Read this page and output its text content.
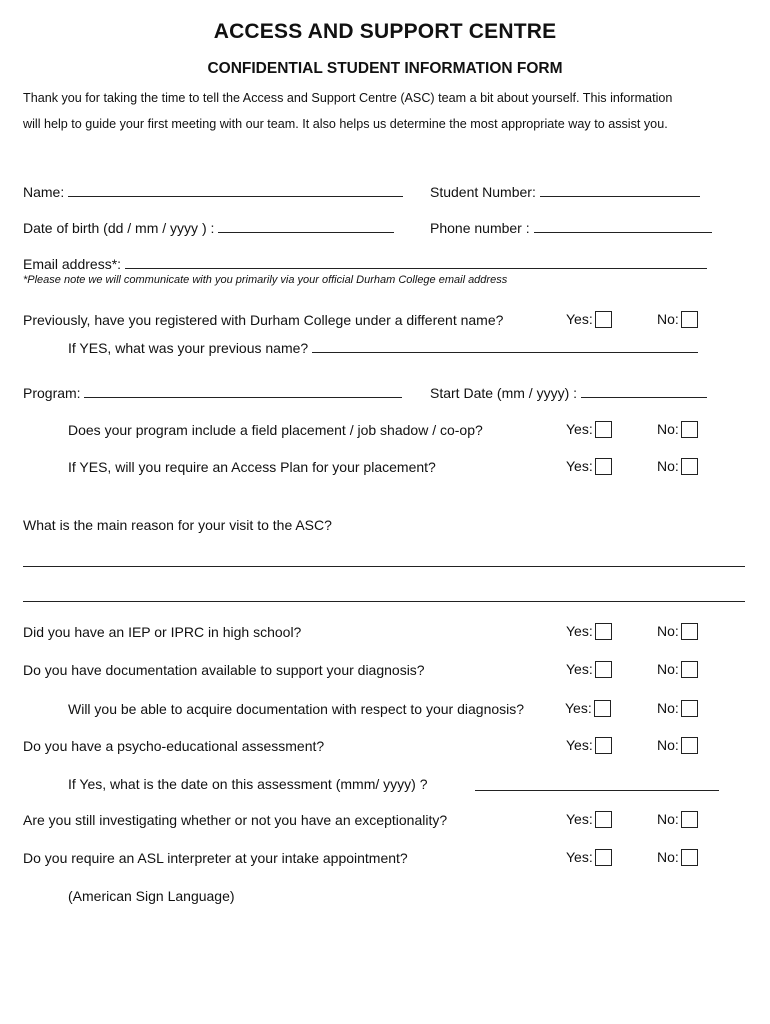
ACCESS AND SUPPORT CENTRE
CONFIDENTIAL STUDENT INFORMATION FORM
Thank you for taking the time to tell the Access and Support Centre (ASC) team a bit about yourself. This information
will help to guide your first meeting with our team. It also helps us determine the most appropriate way to assist you.
Name:	Student Number:
Date of birth (dd / mm / yyyy ) :	Phone number :
Email address*:
*Please note we will communicate with you primarily via your official Durham College email address
Previously, have you registered with Durham College under a different name?	Yes:	No:
If YES, what was your previous name?
Program:	Start Date (mm / yyyy) :
Does your program include a field placement / job shadow / co-op?	Yes:	No:
If YES, will you require an Access Plan for your placement?	Yes:	No:
What is the main reason for your visit to the ASC?
Did you have an IEP or IPRC in high school?	Yes:	No:
Do you have documentation available to support your diagnosis?	Yes:	No:
Will you be able to acquire documentation with respect to your diagnosis?	Yes:	No:
Do you have a psycho-educational assessment?	Yes:	No:
If Yes, what is the date on this assessment (mmm/ yyyy) ?
Are you still investigating whether or not you have an exceptionality?	Yes:	No:
Do you require an ASL interpreter at your intake appointment?	Yes:	No:
(American Sign Language)
